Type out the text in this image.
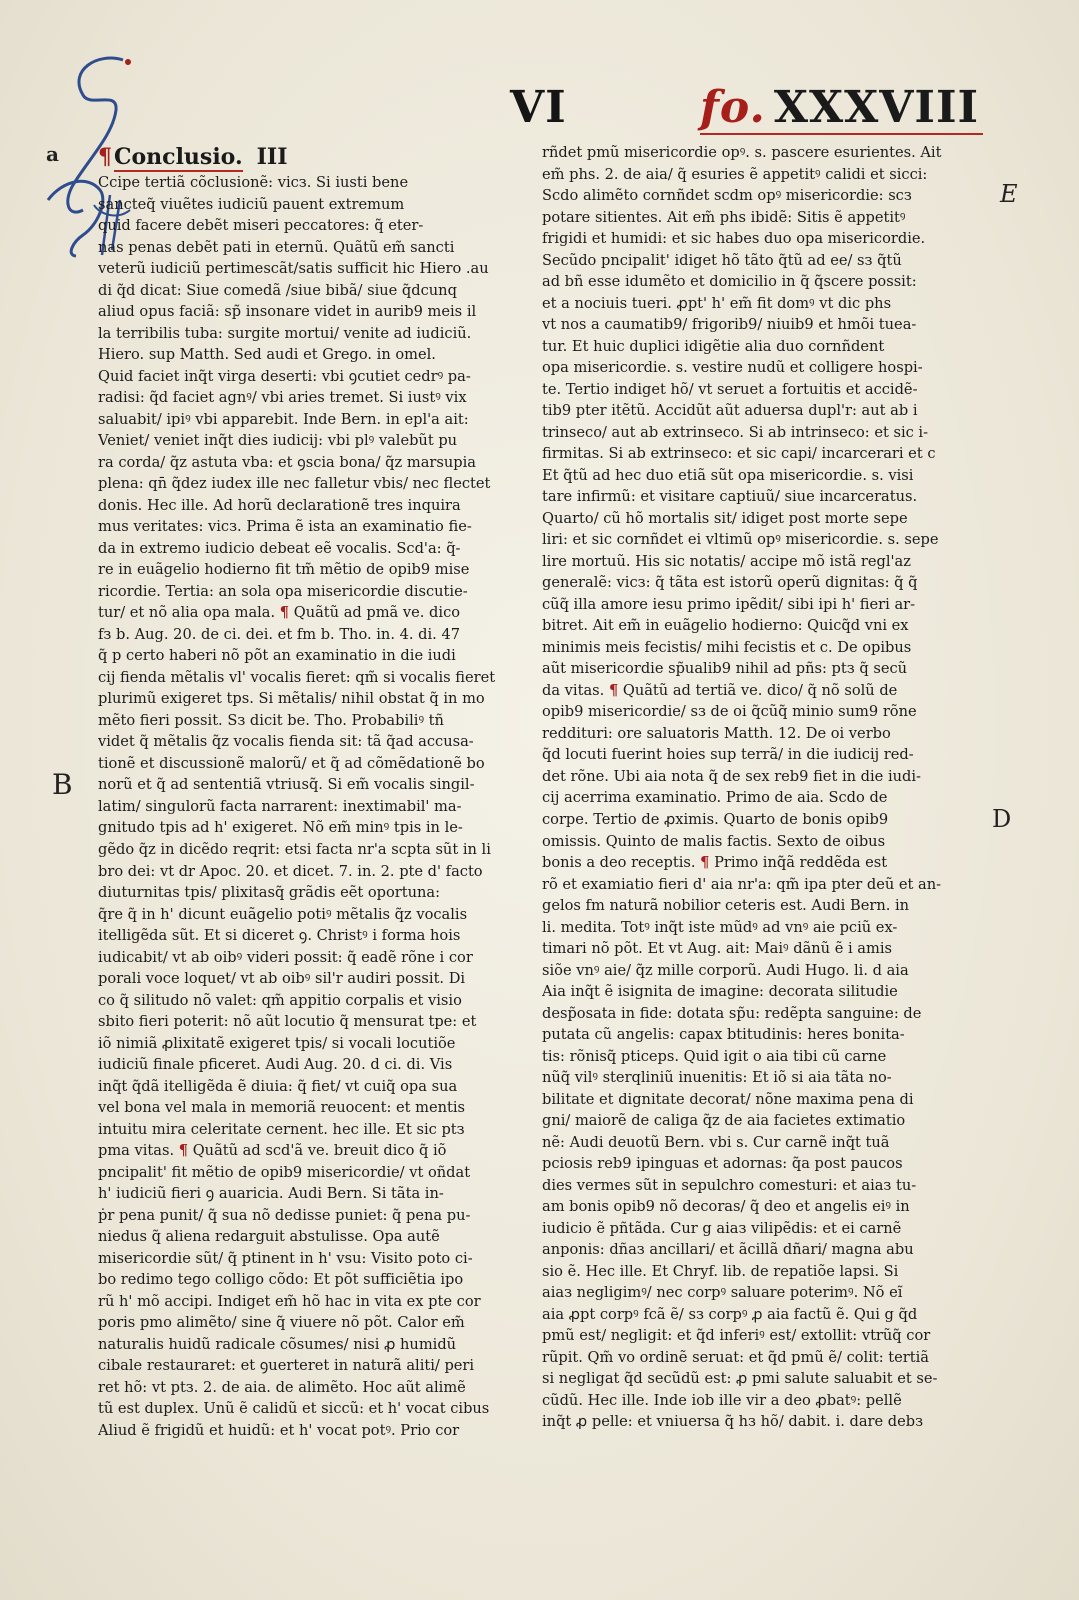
VI	fo. XXXVIII
a
B
E
D
¶Conclusio. III
Ccipe tertiã cõclusionẽ: vicз. Si iusti bene
sancteq̃ viuẽtes iudiciũ pauent extremum
quid facere debẽt miseri peccatores: q̃ eter-
nas penas debẽt pati in eternũ. Quãtũ em̃ sancti
veterũ iudiciũ pertimescãt/satis sufficit hic Hiero .au
di q̃d dicat: Siue comedã /siue bibã/ siue q̃dcunq
aliud opus faciã: sp̃ insonare videt in aurib9 meis il
la terribilis tuba: surgite mortui/ venite ad iudiciũ.
Hiero. sup Matth. Sed audi et Grego. in omel.
Quid faciet inq̃t virga deserti: vbi ꝯcutiet cedrꝰ pa-
radisi: q̃d faciet agnꝰ/ vbi aries tremet. Si iustꝰ vix
saluabit/ ipiꝰ vbi apparebit. Inde Bern. in epl'a ait:
Veniet/ veniet inq̃t dies iudicij: vbi plꝰ valebũt pu
ra corda/ q̃z astuta vba: et ꝯscia bona/ q̃z marsupia
plena: qn̄ q̃dez iudex ille nec falletur vbis/ nec flectet
donis. Hec ille. Ad horũ declarationẽ tres inquira
mus veritates: vicз. Prima ẽ ista an examinatio fie-
da in extremo iudicio debeat eẽ vocalis. Scd'a: q̃-
re in euãgelio hodierno fit tm̃ mẽtio de opib9 mise
ricordie. Tertia: an sola opa misericordie discutie-
tur/ et nõ alia opa mala. ¶ Quãtũ ad pmã ve. dico
fз b. Aug. 20. de ci. dei. et fm b. Tho. in. 4. di. 47
q̃ p certo haberi nõ põt an examinatio in die iudi
cij fienda mẽtalis vl' vocalis fieret: qm̃ si vocalis fieret
plurimũ exigeret tps. Si mẽtalis/ nihil obstat q̃ in mo
mẽto fieri possit. Sз dicit be. Tho. Probabiliꝰ tñ
videt q̃ mẽtalis q̃z vocalis fienda sit: tã q̃ad accusa-
tionẽ et discussionẽ malorũ/ et q̃ ad cõmẽdationẽ bo
norũ et q̃ ad sententiã vtriusq̃. Si em̃ vocalis singil-
latim/ singulorũ facta narrarent: inextimabil' ma-
gnitudo tpis ad h' exigeret. Nõ em̃ minꝰ tpis in le-
gẽdo q̃z in dicẽdo reqrit: etsi facta nr'a scpta sũt in li
bro dei: vt dr Apoc. 20. et dicet. 7. in. 2. pte d' facto
diuturnitas tpis/ plixitasq̃ grãdis eẽt oportuna:
q̃re q̃ in h' dicunt euãgelio potiꝰ mẽtalis q̃z vocalis
itelligẽda sũt. Et si diceret ꝯ. Christꝰ i forma hois
iudicabit/ vt ab oibꝰ videri possit: q̃ eadẽ rõne i cor
porali voce loquet/ vt ab oibꝰ sil'r audiri possit. Di
co q̃ silitudo nõ valet: qm̃ appitio corpalis et visio
sbito fieri poterit: nõ aũt locutio q̃ mensurat tpe: et
iõ nimiã ꝓlixitatẽ exigeret tpis/ si vocali locutiõe
iudiciũ finale pficeret. Audi Aug. 20. d ci. di. Vis
inq̃t q̃dã itelligẽda ẽ diuia: q̃ fiet/ vt cuiq̃ opa sua
vel bona vel mala in memoriã reuocent: et mentis
intuitu mira celeritate cernent. hec ille. Et sic ptз
pma vitas. ¶ Quãtũ ad scd'ã ve. breuit dico q̃ iõ
pncipalit' fit mẽtio de opib9 misericordie/ vt oñdat
h' iudiciũ fieri ꝯ auaricia. Audi Bern. Si tãta in-
ṗr pena punit/ q̃ sua nõ dedisse puniet: q̃ pena pu-
niedus q̃ aliena redarguit abstulisse. Opa autẽ
misericordie sũt/ q̃ ptinent in h' vsu: Visito poto ci-
bo redimo tego colligo cõdo: Et põt sufficiẽtia ipo
rũ h' mõ accipi. Indiget em̃ hõ hac in vita ex pte cor
poris pmo alimẽto/ sine q̃ viuere nõ põt. Calor em̃
naturalis huidũ radicale cõsumes/ nisi ꝓ humidũ
cibale restauraret: et ꝯuerteret in naturã aliti/ peri
ret hõ: vt ptз. 2. de aia. de alimẽto. Hoc aũt alimẽ
tũ est duplex. Unũ ẽ calidũ et siccũ: et h' vocat cibus
Aliud ẽ frigidũ et huidũ: et h' vocat potꝰ. Prio cor
rñdet pmũ misericordie opꝰ. s. pascere esurientes. Ait
em̃ phs. 2. de aia/ q̃ esuries ẽ appetitꝰ calidi et sicci:
Scdo alimẽto cornñdet scdm opꝰ misericordie: scз
potare sitientes. Ait em̃ phs ibidẽ: Sitis ẽ appetitꝰ
frigidi et humidi: et sic habes duo opa misericordie.
Secũdo pncipalit' idiget hõ tãto q̃tũ ad ee/ sз q̃tũ
ad bñ esse idumẽto et domicilio in q̃ q̃scere possit:
et a nociuis tueri. ꝓpt' h' em̃ fit domꝰ vt dic phs
vt nos a caumatib9/ frigorib9/ niuib9 et hmõi tuea-
tur. Et huic duplici idigẽtie alia duo cornñdent
opa misericordie. s. vestire nudũ et colligere hospi-
te. Tertio indiget hõ/ vt seruet a fortuitis et accidẽ-
tib9 pter itẽtũ. Accidũt aũt aduersa dupl'r: aut ab i
trinseco/ aut ab extrinseco. Si ab intrinseco: et sic i-
firmitas. Si ab extrinseco: et sic capi/ incarcerari et c
Et q̃tũ ad hec duo etiã sũt opa misericordie. s. visi
tare infirmũ: et visitare captiuũ/ siue incarceratus.
Quarto/ cũ hõ mortalis sit/ idiget post morte sepe
liri: et sic cornñdet ei vltimũ opꝰ misericordie. s. sepe
lire mortuũ. His sic notatis/ accipe mõ istã regl'az
generalẽ: vicз: q̃ tãta est istorũ operũ dignitas: q̃ q̃
cũq̃ illa amore iesu primo ipẽdit/ sibi ipi h' fieri ar-
bitret. Ait em̃ in euãgelio hodierno: Quicq̃d vni ex
minimis meis fecistis/ mihi fecistis et c. De opibus
aũt misericordie sp̃ualib9 nihil ad pñs: ptз q̃ secũ
da vitas. ¶ Quãtũ ad tertiã ve. dico/ q̃ nõ solũ de
opib9 misericordie/ sз de oi q̃cũq̃ minio sum9 rõne
reddituri: ore saluatoris Matth. 12. De oi verbo
q̃d locuti fuerint hoies sup terrã/ in die iudicij red-
det rõne. Ubi aia nota q̃ de sex reb9 fiet in die iudi-
cij acerrima examinatio. Primo de aia. Scdo de
corpe. Tertio de ꝓximis. Quarto de bonis opib9
omissis. Quinto de malis factis. Sexto de oibus
bonis a deo receptis. ¶ Primo inq̃ã reddẽda est
rõ et examiatio fieri d' aia nr'a: qm̃ ipa pter deũ et an-
gelos fm naturã nobilior ceteris est. Audi Bern. in
li. medita. Totꝰ inq̃t iste mũdꝰ ad vnꝰ aie pciũ ex-
timari nõ põt. Et vt Aug. ait: Maiꝰ dãnũ ẽ i amis
siõe vnꝰ aie/ q̃z mille corporũ. Audi Hugo. li. d aia
Aia inq̃t ẽ isignita de imagine: decorata silitudie
desp̃osata in fide: dotata sp̃u: redẽpta sanguine: de
putata cũ angelis: capax btitudinis: heres bonita-
tis: rõnisq̃ pticeps. Quid igit o aia tibi cũ carne
nũq̃ vilꝰ sterqliniũ inuenitis: Et iõ si aia tãta no-
bilitate et dignitate decorat/ nõne maxima pena di
gni/ maiorẽ de caliga q̃z de aia facietes extimatio
nẽ: Audi deuotũ Bern. vbi s. Cur carnẽ inq̃t tuã
pciosis reb9 ipinguas et adornas: q̃a post paucos
dies vermes sũt in sepulchro comesturi: et aiaз tu-
am bonis opib9 nõ decoras/ q̃ deo et angelis eiꝰ in
iudicio ẽ pñtãda. Cur g aiaз vilipẽdis: et ei carnẽ
anponis: dñaз ancillari/ et ãcillã dñari/ magna abu
sio ẽ. Hec ille. Et Chryf. lib. de repatiõe lapsi. Si
aiaз negligimꝰ/ nec corpꝰ saluare poterimꝰ. Nõ eĩ
aia ꝓpt corpꝰ fcã ẽ/ sз corpꝰ ꝓ aia factũ ẽ. Qui g q̃d
pmũ est/ negligit: et q̃d inferiꝰ est/ extollit: vtrũq̃ cor
rũpit. Qm̃ vo ordinẽ seruat: et q̃d pmũ ẽ/ colit: tertiã
si negligat q̃d secũdũ est: ꝓ pmi salute saluabit et se-
cũdũ. Hec ille. Inde iob ille vir a deo ꝓbatꝰ: pellẽ
inq̃t ꝓ pelle: et vniuersa q̃ hз hõ/ dabit. i. dare debз
